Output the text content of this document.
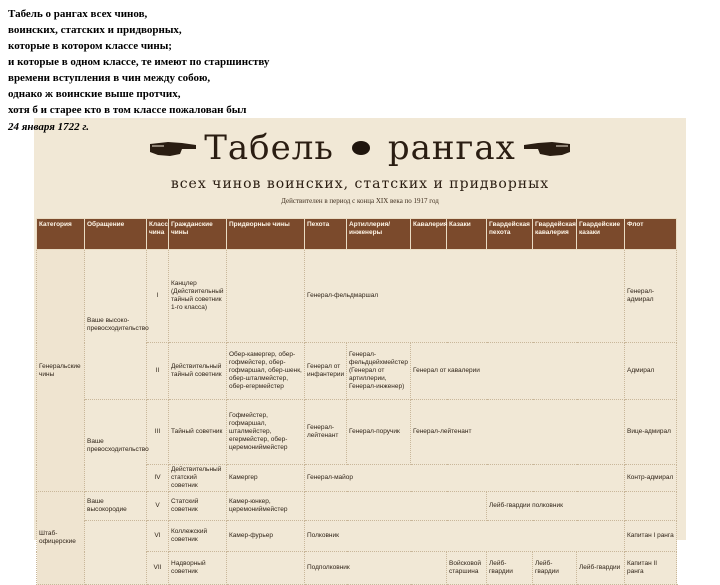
Табель о рангах всех чинов,
воинских, статских и придворных,
которые в котором классе чины;
и которые в одном классе, те имеют по старшинству
времени вступления в чин между собою,
однако ж воинские выше протчих,
хотя б и старее кто в том классе пожалован был
Табель рангах
всех чинов воинских, статских и придворных
Действителен в период с конца XIX века по 1917 год
Категория	Обращение	Класс чина	Гражданские чины	Придворные чины	Пехота	Артиллерия/ инженеры	Кавалерия	Казаки	Гвардейская пехота	Гвардейская кавалерия	Гвардейские казаки	Флот
Генеральские чины	Ваше высоко-превосходительство	I	Канцлер (Действительный тайный советник 1-го класса)		Генерал-фельдмаршал							Генерал-адмирал
		II	Действительный тайный советник	Обер-камергер, обер-гофмейстер, обер-гофмаршал, обер-шенк, обер-шталмейстер, обер-егермейстер	Генерал от инфантерии	Генерал-фельдцейхмейстер (Генерал от артиллерии, Генерал-инженер)	Генерал от кавалерии					Адмирал
	Ваше превосходительство	III	Тайный советник	Гофмейстер, гофмаршал, шталмейстер, егермейстер, обер-церемониймейстер	Генерал-лейтенант	Генерал-поручик	Генерал-лейтенант					Вице-адмирал
		IV	Действительный статский советник	Камергер	Генерал-майор							Контр-адмирал
Штаб-офицерские	Ваше высокородие	V	Статский советник	Камер-юнкер, церемониймейстер					Лейб-гвардии полковник			
		VI	Коллежский советник	Камер-фурьер	Полковник							Капитан I ранга
		VII	Надворный советник		Подполковник			Войсковой старшина	Лейб-гвардии	Лейб-гвардии	Лейб-гвардии	Капитан II ранга
24 января 1722 г.
